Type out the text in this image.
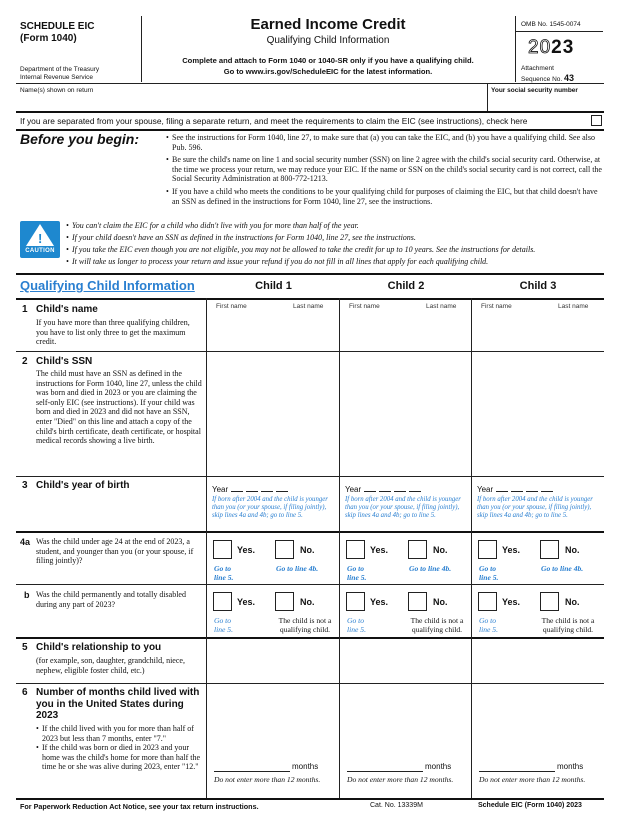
SCHEDULE EIC
(Form 1040)
Department of the Treasury
Internal Revenue Service
Earned Income Credit
Qualifying Child Information
Complete and attach to Form 1040 or 1040-SR only if you have a qualifying child.
Go to www.irs.gov/ScheduleEIC for the latest information.
OMB No. 1545-0074
2023
Attachment
Sequence No. 43
Name(s) shown on return	Your social security number
If you are separated from your spouse, filing a separate return, and meet the requirements to claim the EIC (see instructions), check here
Before you begin:
•	See the instructions for Form 1040, line 27, to make sure that (a) you can take the EIC, and (b) you have a qualifying child. See also Pub. 596.
• Be sure the child's name on line 1 and social security number (SSN) on line 2 agree with the child's social security card. Otherwise, at the time we process your return, we may reduce your EIC. If the name or SSN on the child's social security card is not correct, call the Social Security Administration at 800-772-1213.
• If you have a child who meets the conditions to be your qualifying child for purposes of claiming the EIC, but that child doesn't have an SSN as defined in the instructions for Form 1040, line 27, see the instructions.
!
CAUTION
• You can't claim the EIC for a child who didn't live with you for more than half of the year.
• If your child doesn't have an SSN as defined in the instructions for Form 1040, line 27, see the instructions.
• If you take the EIC even though you are not eligible, you may not be allowed to take the credit for up to 10 years. See the instructions for details.
• It will take us longer to process your return and issue your refund if you do not fill in all lines that apply for each qualifying child.
Qualifying Child Information	Child 1	Child 2	Child 3
1 Child's name
If you have more than three qualifying children, you have to list only three to get the maximum credit.
First name	Last name	First name	Last name	First name	Last name
2 Child's SSN
The child must have an SSN as defined in the instructions for Form 1040, line 27, unless the child was born and died in 2023 or you are claiming the self-only EIC (see instructions). If your child was born and died in 2023 and did not have an SSN, enter "Died" on this line and attach a copy of the child's birth certificate, death certificate, or hospital medical records showing a live birth.
3 Child's year of birth	Year
If born after 2004 and the child is younger than you (or your spouse, if filing jointly), skip lines 4a and 4b; go to line 5.
Year
If born after 2004 and the child is younger than you (or your spouse, if filing jointly), skip lines 4a and 4b; go to line 5.
Year
If born after 2004 and the child is younger than you (or your spouse, if filing jointly), skip lines 4a and 4b; go to line 5.
4a Was the child under age 24 at the end of 2023, a student, and younger than you (or your spouse, if filing jointly)?
Yes.	No.
Go to line 5.
Go to line 4b.
Yes.	No.
Go to line 5.
Go to line 4b.
Yes.	No.
Go to line 5.
Go to line 4b.
b Was the child permanently and totally disabled during any part of 2023?	Yes.	No.
Go to line 5.
The child is not a qualifying child.
Yes.	No.
Go to line 5.
The child is not a qualifying child.
Yes.	No.
Go to line 5.
The child is not a qualifying child.
5 Child's relationship to you
(for example, son, daughter, grandchild, niece, nephew, eligible foster child, etc.)
6 Number of months child lived with you in the United States during 2023
• If the child lived with you for more than half of 2023 but less than 7 months, enter "7."
• If the child was born or died in 2023 and your home was the child's home for more than half the time he or she was alive during 2023, enter "12."	months
Do not enter more than 12 months.
months
Do not enter more than 12 months.
months
Do not enter more than 12 months.
For Paperwork Reduction Act Notice, see your tax return instructions.	Cat. No. 13339M	Schedule EIC (Form 1040) 2023
